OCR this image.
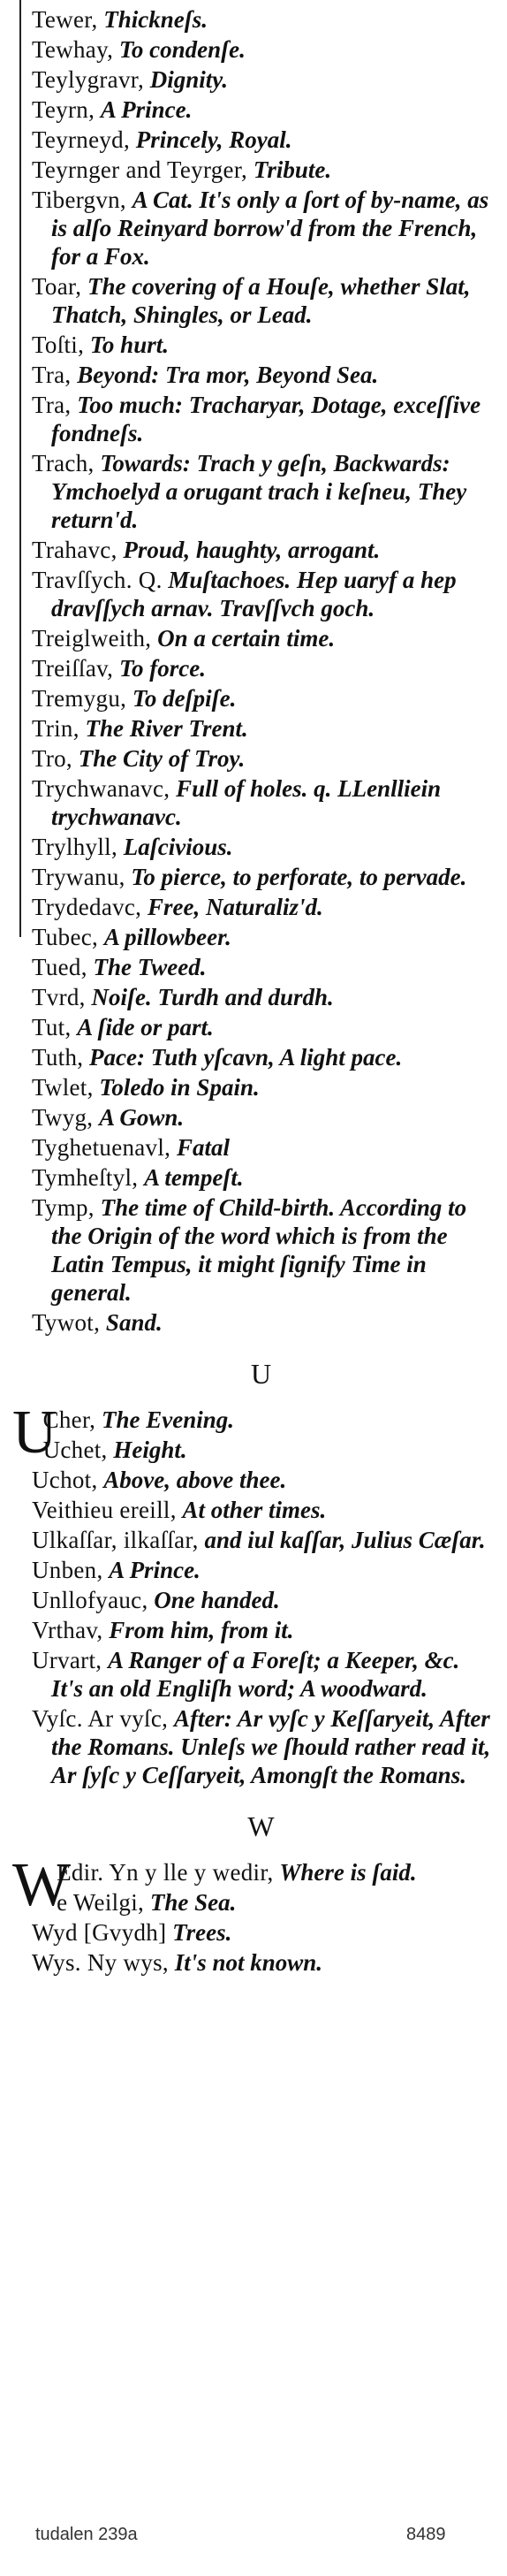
Tewer, Thickneſs.

Tewhay, To condenſe.

Teylygravr, Dignity.

Teyrn, A Prince.

Teyrneyd, Princely, Royal.

Teyrnger and Teyrger, Tribute.

Tibergvn, A Cat. It's only a ſort of by-name, as is alſo Reinyard borrow'd from the French, for a Fox.

Toar, The covering of a Houſe, whether Slat, Thatch, Shingles, or Lead.

Toſti, To hurt.

Tra, Beyond: Tra mor, Beyond Sea.

Tra, Too much: Tracharyar, Dotage, exceſſive fondneſs.

Trach, Towards: Trach y geſn, Backwards: Ymchoelyd a orugant trach i keſneu, They return'd.

Trahavc, Proud, haughty, arrogant.

Travſſych. Q. Muſtachoes. Hep uaryf a hep dravſſych arnav. Travſſvch goch.

Treiglweith, On a certain time.

Treiſſav, To force.

Tremygu, To deſpiſe.

Trin, The River Trent.

Tro, The City of Troy.

Trychwanavc, Full of holes. q. LLenlliein trychwanavc.

Trylhyll, Laſcivious.

Trywanu, To pierce, to perforate, to pervade.

Trydedavc, Free, Naturaliz'd.

Tubec, A pillowbeer.

Tued, The Tweed.

Tvrd, Noiſe. Turdh and durdh.

Tut, A ſide or part.

Tuth, Pace: Tuth yſcavn, A light pace.

Twlet, Toledo in Spain.

Twyg, A Gown.

Tyghetuenavl, Fatal

Tymheſtyl, A tempeſt.

Tymp, The time of Child-birth. According to the Origin of the word which is from the Latin Tempus, it might ſignify Time in general.

Tywot, Sand.

U

U
Cher, The Evening.

Uchet, Height.

Uchot, Above, above thee.

Veithieu ereill, At other times.

Ulkaſſar, ilkaſſar, and iul kaſſar, Julius Cæſar.

Unben, A Prince.

Unllofyauc, One handed.

Vrthav, From him, from it.

Urvart, A Ranger of a Foreſt; a Keeper, &c. It's an old Engliſh word; A woodward.

Vyſc. Ar vyſc, After: Ar vyſc y Keſſaryeit, After the Romans. Unleſs we ſhould rather read it, Ar ſyſc y Ceſſaryeit, Amongſt the Romans.

W

W
Edir. Yn y lle y wedir, Where is ſaid.

e Weilgi, The Sea.

Wyd [Gvydh] Trees.

Wys. Ny wys, It's not known.

tudalen 239a	8489
